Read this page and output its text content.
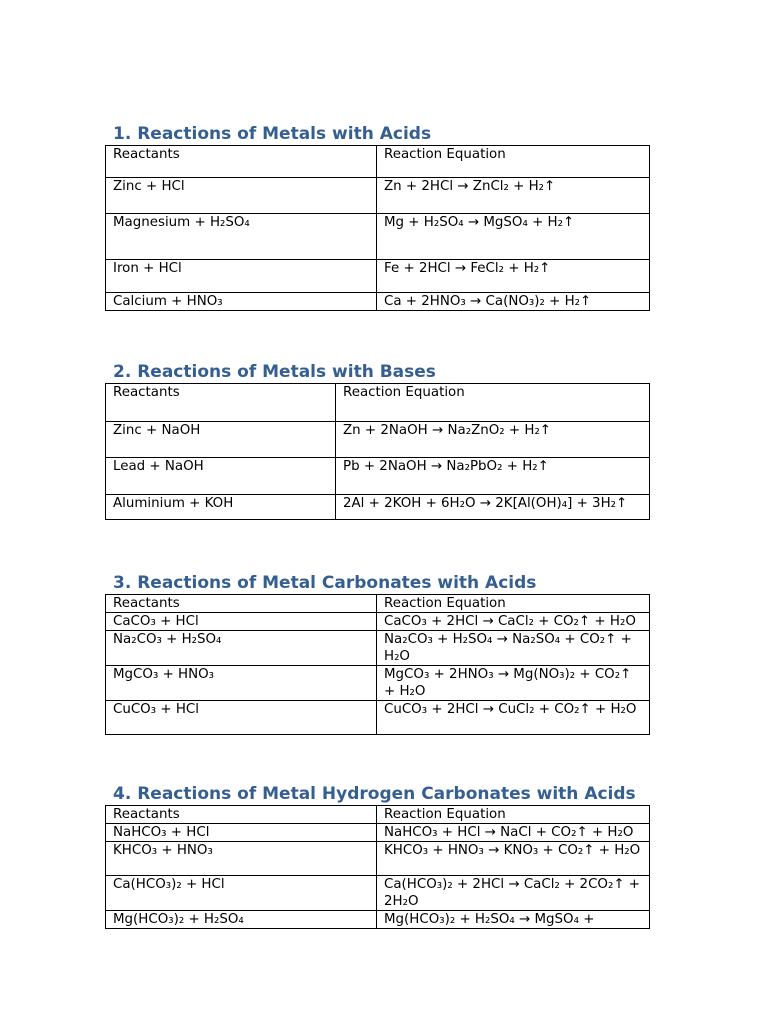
1. Reactions of Metals with Acids
Reactants	Reaction Equation
Zinc + HCl	Zn + 2HCl → ZnCl₂ + H₂↑
Magnesium + H₂SO₄	Mg + H₂SO₄ → MgSO₄ + H₂↑
Iron + HCl	Fe + 2HCl → FeCl₂ + H₂↑
Calcium + HNO₃	Ca + 2HNO₃ → Ca(NO₃)₂ + H₂↑
2. Reactions of Metals with Bases
Reactants	Reaction Equation
Zinc + NaOH	Zn + 2NaOH → Na₂ZnO₂ + H₂↑
Lead + NaOH	Pb + 2NaOH → Na₂PbO₂ + H₂↑
Aluminium + KOH	2Al + 2KOH + 6H₂O → 2K[Al(OH)₄] + 3H₂↑
3. Reactions of Metal Carbonates with Acids
Reactants	Reaction Equation
CaCO₃ + HCl	CaCO₃ + 2HCl → CaCl₂ + CO₂↑ + H₂O
Na₂CO₃ + H₂SO₄	Na₂CO₃ + H₂SO₄ → Na₂SO₄ + CO₂↑ + H₂O
MgCO₃ + HNO₃	MgCO₃ + 2HNO₃ → Mg(NO₃)₂ + CO₂↑ + H₂O
CuCO₃ + HCl	CuCO₃ + 2HCl → CuCl₂ + CO₂↑ + H₂O
4. Reactions of Metal Hydrogen Carbonates with Acids
Reactants	Reaction Equation
NaHCO₃ + HCl	NaHCO₃ + HCl → NaCl + CO₂↑ + H₂O
KHCO₃ + HNO₃	KHCO₃ + HNO₃ → KNO₃ + CO₂↑ + H₂O
Ca(HCO₃)₂ + HCl	Ca(HCO₃)₂ + 2HCl → CaCl₂ + 2CO₂↑ + 2H₂O
Mg(HCO₃)₂ + H₂SO₄	Mg(HCO₃)₂ + H₂SO₄ → MgSO₄ +
